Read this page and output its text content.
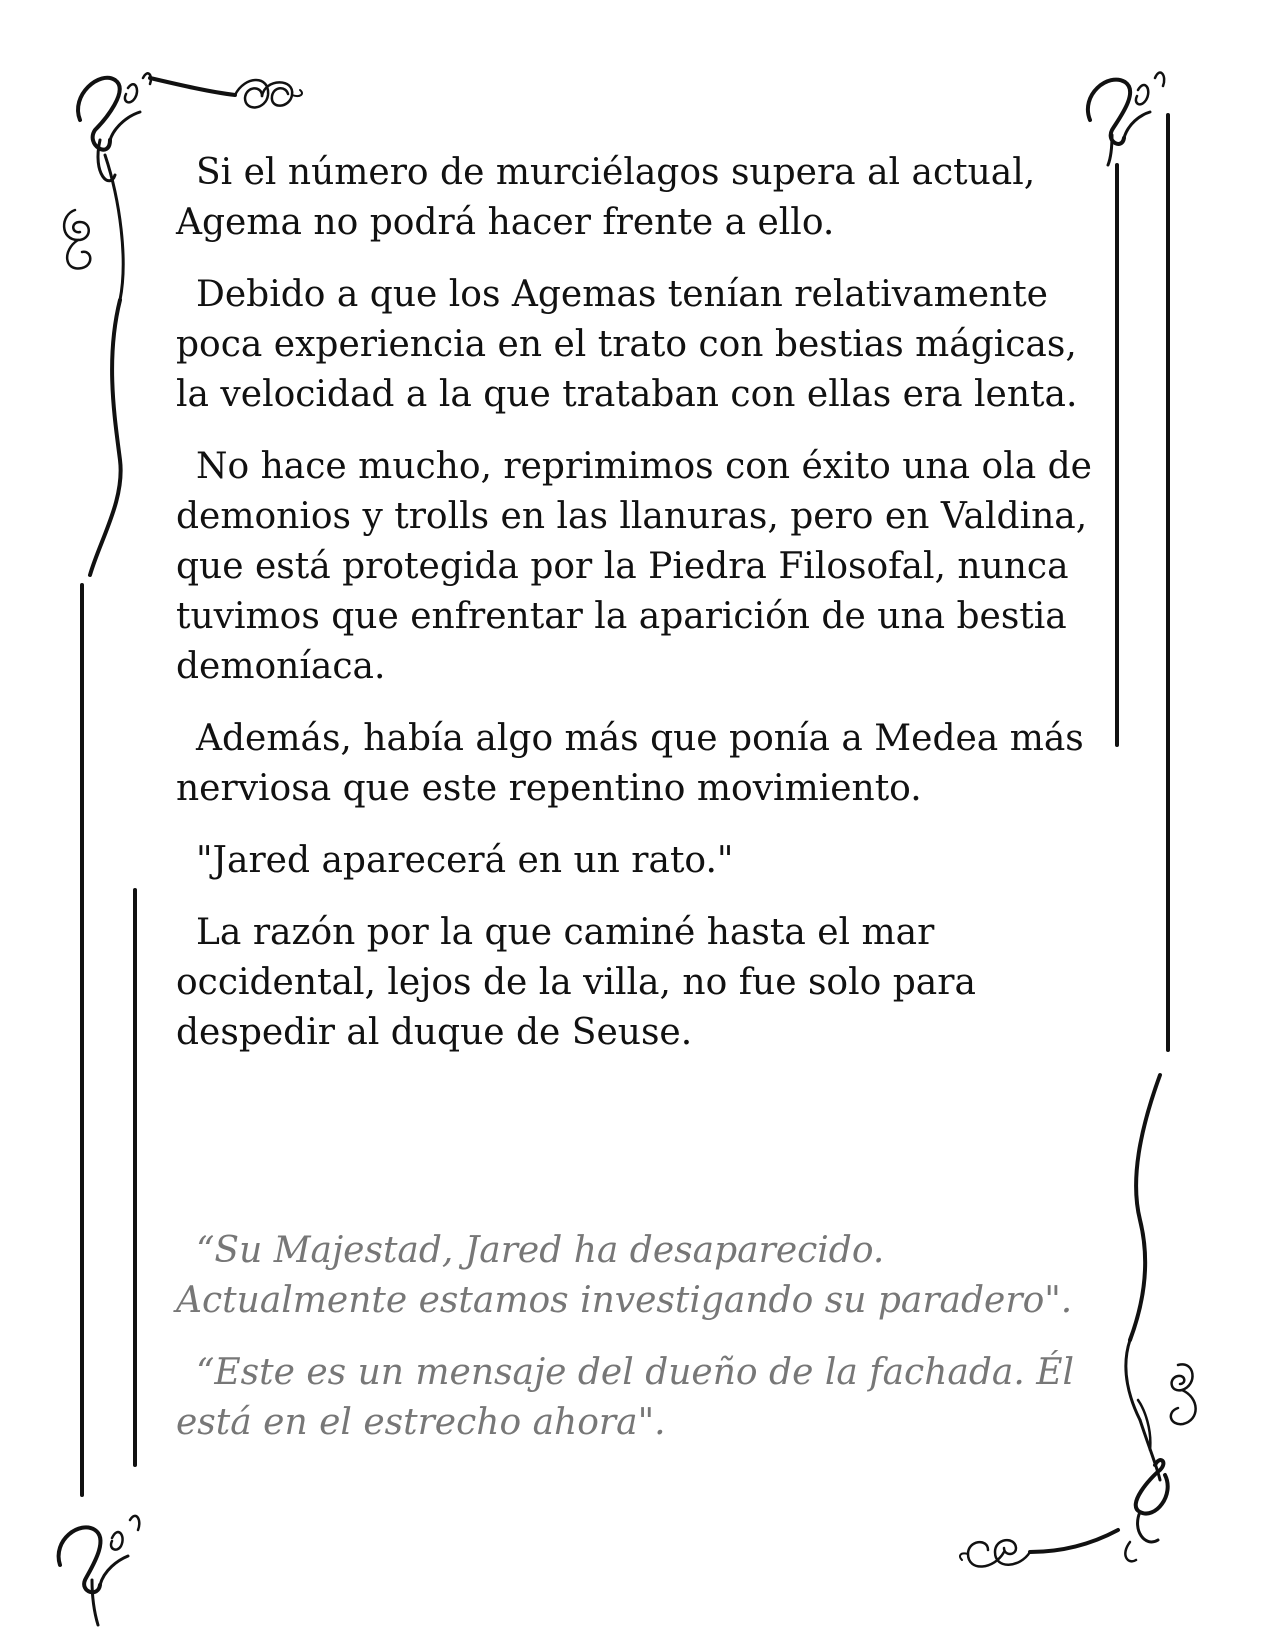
Si el número de murciélagos supera al actual, Agema no podrá hacer frente a ello.

Debido a que los Agemas tenían relativamente poca experiencia en el trato con bestias mágicas, la velocidad a la que trataban con ellas era lenta.

No hace mucho, reprimimos con éxito una ola de demonios y trolls en las llanuras, pero en Valdina, que está protegida por la Piedra Filosofal, nunca tuvimos que enfrentar la aparición de una bestia demoníaca.

Además, había algo más que ponía a Medea más nerviosa que este repentino movimiento.

"Jared aparecerá en un rato."

La razón por la que caminé hasta el mar occidental, lejos de la villa, no fue solo para despedir al duque de Seuse.

“Su Majestad, Jared ha desaparecido. Actualmente estamos investigando su paradero".

“Este es un mensaje del dueño de la fachada. Él está en el estrecho ahora".
